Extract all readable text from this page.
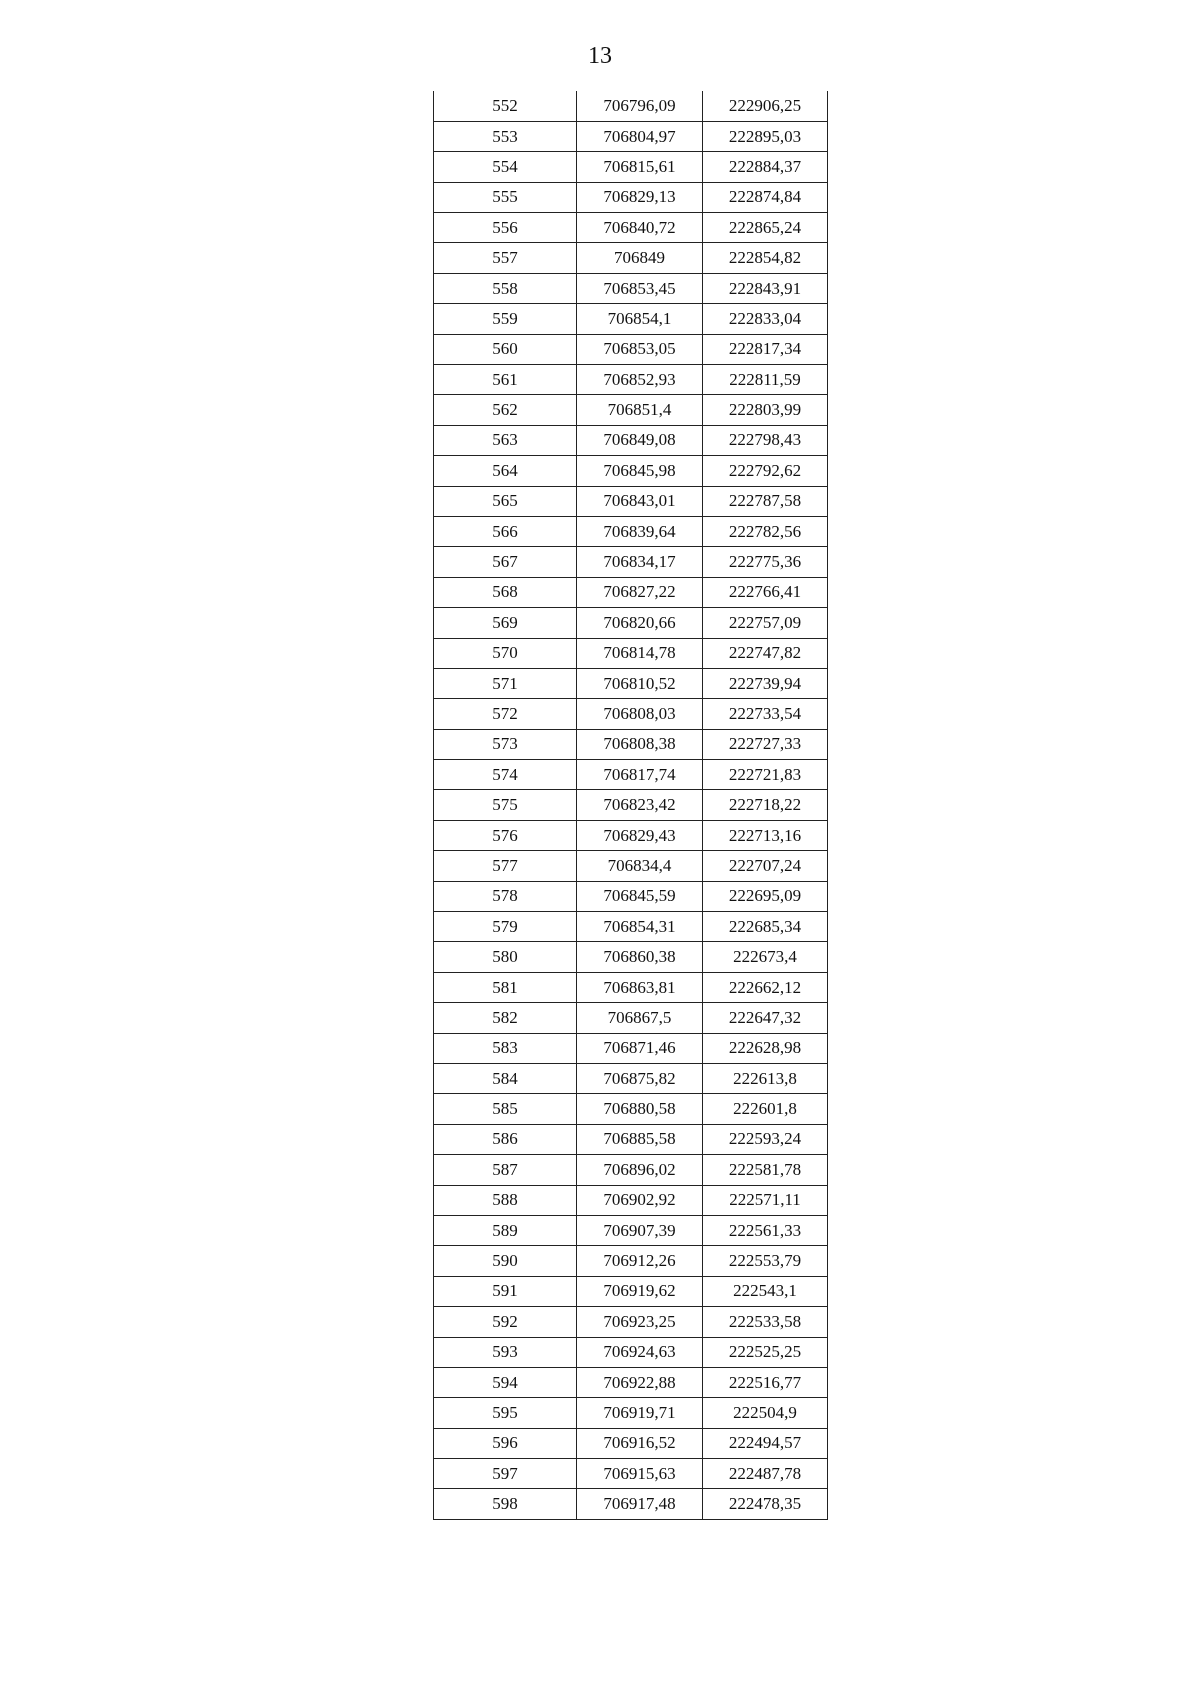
13
552	706796,09	222906,25
553	706804,97	222895,03
554	706815,61	222884,37
555	706829,13	222874,84
556	706840,72	222865,24
557	706849	222854,82
558	706853,45	222843,91
559	706854,1	222833,04
560	706853,05	222817,34
561	706852,93	222811,59
562	706851,4	222803,99
563	706849,08	222798,43
564	706845,98	222792,62
565	706843,01	222787,58
566	706839,64	222782,56
567	706834,17	222775,36
568	706827,22	222766,41
569	706820,66	222757,09
570	706814,78	222747,82
571	706810,52	222739,94
572	706808,03	222733,54
573	706808,38	222727,33
574	706817,74	222721,83
575	706823,42	222718,22
576	706829,43	222713,16
577	706834,4	222707,24
578	706845,59	222695,09
579	706854,31	222685,34
580	706860,38	222673,4
581	706863,81	222662,12
582	706867,5	222647,32
583	706871,46	222628,98
584	706875,82	222613,8
585	706880,58	222601,8
586	706885,58	222593,24
587	706896,02	222581,78
588	706902,92	222571,11
589	706907,39	222561,33
590	706912,26	222553,79
591	706919,62	222543,1
592	706923,25	222533,58
593	706924,63	222525,25
594	706922,88	222516,77
595	706919,71	222504,9
596	706916,52	222494,57
597	706915,63	222487,78
598	706917,48	222478,35
